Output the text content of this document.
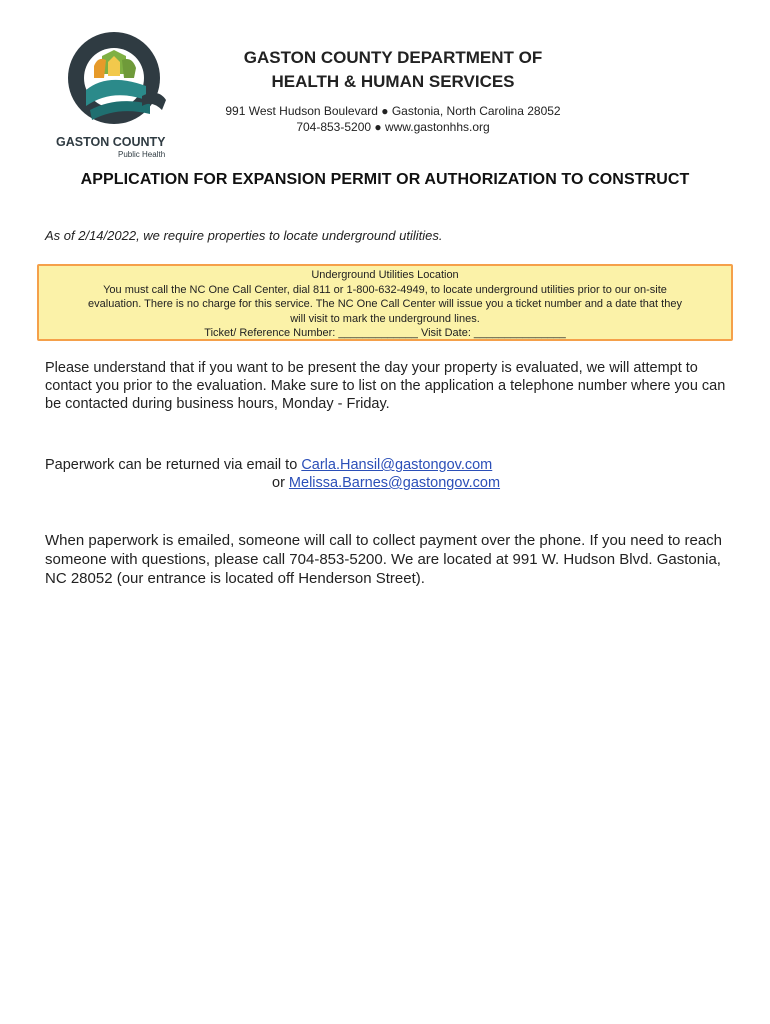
GASTON COUNTY
Public Health
GASTON COUNTY DEPARTMENT OF
HEALTH & HUMAN SERVICES
991 West Hudson Boulevard ● Gastonia, North Carolina 28052
704-853-5200 ● www.gastonhhs.org
APPLICATION FOR EXPANSION PERMIT OR AUTHORIZATION TO CONSTRUCT
As of 2/14/2022, we require properties to locate underground utilities.
Underground Utilities Location
You must call the NC One Call Center, dial 811 or 1-800-632-4949, to locate underground utilities prior to our on-site
evaluation. There is no charge for this service. The NC One Call Center will issue you a ticket number and a date that they
will visit to mark the underground lines.
Ticket/ Reference Number: _____________ Visit Date: _______________
Please understand that if you want to be present the day your property is evaluated, we will attempt to contact you prior to the evaluation. Make sure to list on the application a telephone number where you can be contacted during business hours, Monday - Friday.
Paperwork can be returned via email to Carla.Hansil@gastongov.com
or Melissa.Barnes@gastongov.com
When paperwork is emailed, someone will call to collect payment over the phone. If you need to reach someone with questions, please call 704-853-5200. We are located at 991 W. Hudson Blvd. Gastonia, NC 28052 (our entrance is located off Henderson Street).
